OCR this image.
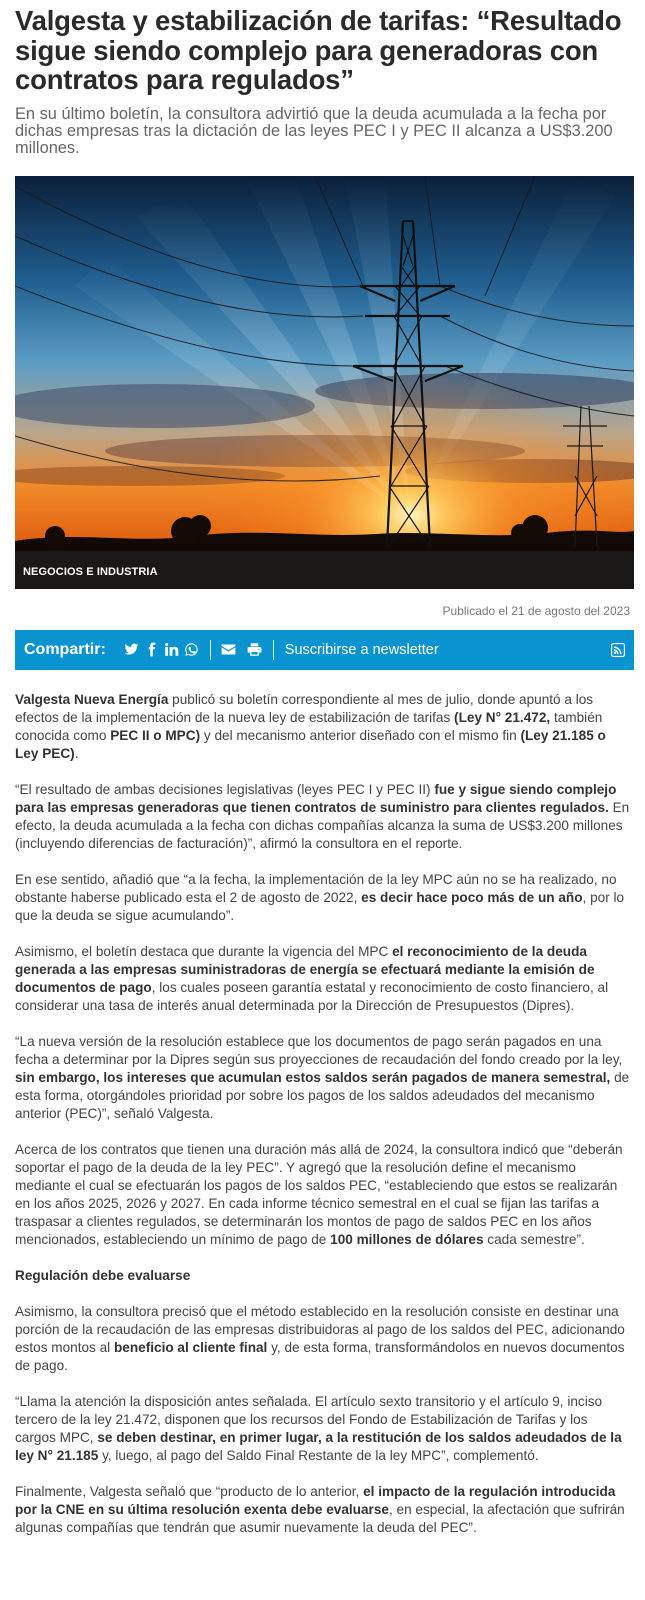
Valgesta y estabilización de tarifas: “Resultado sigue siendo complejo para generadoras con contratos para regulados”

En su último boletín, la consultora advirtió que la deuda acumulada a la fecha por dichas empresas tras la dictación de las leyes PEC I y PEC II alcanza a US$3.200 millones.

NEGOCIOS E INDUSTRIA
Publicado el 21 de agosto del 2023
Compartir:	Suscribirse a newsletter

Valgesta Nueva Energía publicó su boletín correspondiente al mes de julio, donde apuntó a los efectos de la implementación de la nueva ley de estabilización de tarifas (Ley N° 21.472, también conocida como PEC II o MPC) y del mecanismo anterior diseñado con el mismo fin (Ley 21.185 o Ley PEC).

“El resultado de ambas decisiones legislativas (leyes PEC I y PEC II) fue y sigue siendo complejo para las empresas generadoras que tienen contratos de suministro para clientes regulados. En efecto, la deuda acumulada a la fecha con dichas compañías alcanza la suma de US$3.200 millones (incluyendo diferencias de facturación)”, afirmó la consultora en el reporte.

En ese sentido, añadió que “a la fecha, la implementación de la ley MPC aún no se ha realizado, no obstante haberse publicado esta el 2 de agosto de 2022, es decir hace poco más de un año, por lo que la deuda se sigue acumulando”.

Asimismo, el boletín destaca que durante la vigencia del MPC el reconocimiento de la deuda generada a las empresas suministradoras de energía se efectuará mediante la emisión de documentos de pago, los cuales poseen garantía estatal y reconocimiento de costo financiero, al considerar una tasa de interés anual determinada por la Dirección de Presupuestos (Dipres).

“La nueva versión de la resolución establece que los documentos de pago serán pagados en una fecha a determinar por la Dipres según sus proyecciones de recaudación del fondo creado por la ley, sin embargo, los intereses que acumulan estos saldos serán pagados de manera semestral, de esta forma, otorgándoles prioridad por sobre los pagos de los saldos adeudados del mecanismo anterior (PEC)”, señaló Valgesta.

Acerca de los contratos que tienen una duración más allá de 2024, la consultora indicó que “deberán soportar el pago de la deuda de la ley PEC”. Y agregó que la resolución define el mecanismo mediante el cual se efectuarán los pagos de los saldos PEC, “estableciendo que estos se realizarán en los años 2025, 2026 y 2027. En cada informe técnico semestral en el cual se fijan las tarifas a traspasar a clientes regulados, se determinarán los montos de pago de saldos PEC en los años mencionados, estableciendo un mínimo de pago de 100 millones de dólares cada semestre”.

Regulación debe evaluarse

Asimismo, la consultora precisó que el método establecido en la resolución consiste en destinar una porción de la recaudación de las empresas distribuidoras al pago de los saldos del PEC, adicionando estos montos al beneficio al cliente final y, de esta forma, transformándolos en nuevos documentos de pago.

“Llama la atención la disposición antes señalada. El artículo sexto transitorio y el artículo 9, inciso tercero de la ley 21.472, disponen que los recursos del Fondo de Estabilización de Tarifas y los cargos MPC, se deben destinar, en primer lugar, a la restitución de los saldos adeudados de la ley N° 21.185 y, luego, al pago del Saldo Final Restante de la ley MPC”, complementó.

Finalmente, Valgesta señaló que “producto de lo anterior, el impacto de la regulación introducida por la CNE en su última resolución exenta debe evaluarse, en especial, la afectación que sufrirán algunas compañías que tendrán que asumir nuevamente la deuda del PEC”.
